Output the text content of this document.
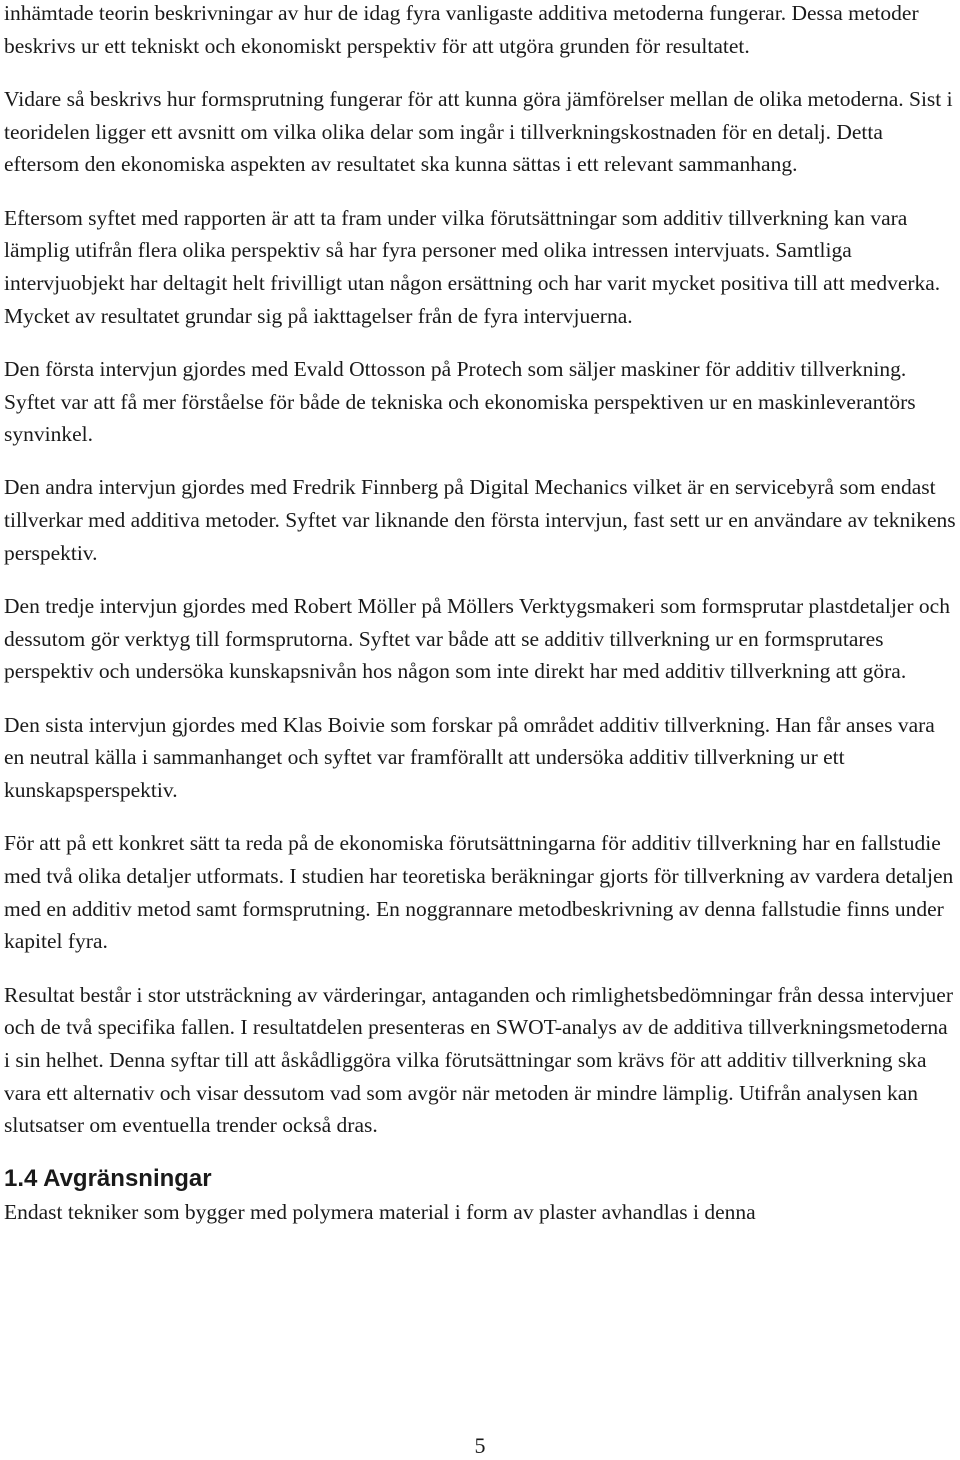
inhämtade teorin beskrivningar av hur de idag fyra vanligaste additiva metoderna fungerar. Dessa metoder beskrivs ur ett tekniskt och ekonomiskt perspektiv för att utgöra grunden för resultatet.

Vidare så beskrivs hur formsprutning fungerar för att kunna göra jämförelser mellan de olika metoderna. Sist i teoridelen ligger ett avsnitt om vilka olika delar som ingår i tillverkningskostnaden för en detalj. Detta eftersom den ekonomiska aspekten av resultatet ska kunna sättas i ett relevant sammanhang.

Eftersom syftet med rapporten är att ta fram under vilka förutsättningar som additiv tillverkning kan vara lämplig utifrån flera olika perspektiv så har fyra personer med olika intressen intervjuats. Samtliga intervjuobjekt har deltagit helt frivilligt utan någon ersättning och har varit mycket positiva till att medverka. Mycket av resultatet grundar sig på iakttagelser från de fyra intervjuerna.

Den första intervjun gjordes med Evald Ottosson på Protech som säljer maskiner för additiv tillverkning. Syftet var att få mer förståelse för både de tekniska och ekonomiska perspektiven ur en maskinleverantörs synvinkel.

Den andra intervjun gjordes med Fredrik Finnberg på Digital Mechanics vilket är en servicebyrå som endast tillverkar med additiva metoder. Syftet var liknande den första intervjun, fast sett ur en användare av teknikens perspektiv.

Den tredje intervjun gjordes med Robert Möller på Möllers Verktygsmakeri som formsprutar plastdetaljer och dessutom gör verktyg till formsprutorna. Syftet var både att se additiv tillverkning ur en formsprutares perspektiv och undersöka kunskapsnivån hos någon som inte direkt har med additiv tillverkning att göra.

Den sista intervjun gjordes med Klas Boivie som forskar på området additiv tillverkning. Han får anses vara en neutral källa i sammanhanget och syftet var framförallt att undersöka additiv tillverkning ur ett kunskapsperspektiv.

För att på ett konkret sätt ta reda på de ekonomiska förutsättningarna för additiv tillverkning har en fallstudie med två olika detaljer utformats. I studien har teoretiska beräkningar gjorts för tillverkning av vardera detaljen med en additiv metod samt formsprutning. En noggrannare metodbeskrivning av denna fallstudie finns under kapitel fyra.

Resultat består i stor utsträckning av värderingar, antaganden och rimlighetsbedömningar från dessa intervjuer och de två specifika fallen. I resultatdelen presenteras en SWOT-analys av de additiva tillverkningsmetoderna i sin helhet. Denna syftar till att åskådliggöra vilka förutsättningar som krävs för att additiv tillverkning ska vara ett alternativ och visar dessutom vad som avgör när metoden är mindre lämplig. Utifrån analysen kan slutsatser om eventuella trender också dras.

1.4 Avgränsningar

Endast tekniker som bygger med polymera material i form av plaster avhandlas i denna

5
